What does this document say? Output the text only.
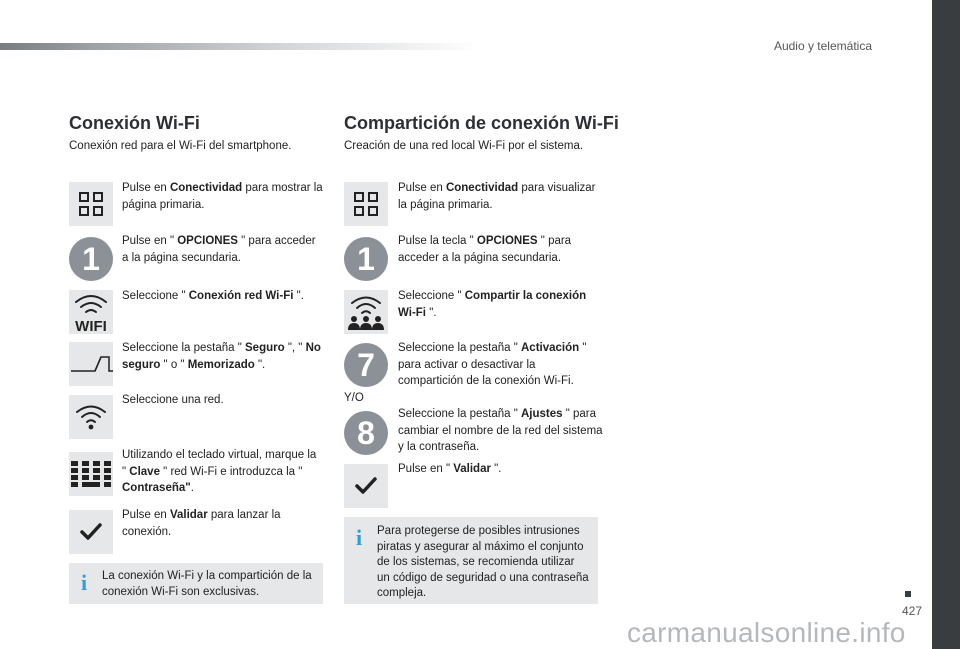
Audio y telemática
427
carmanualsonline.info
Conexión Wi-Fi
Conexión red para el Wi-Fi del smartphone.
Pulse en Conectividad para mostrar la página primaria.
1	Pulse en " OPCIONES " para acceder a la página secundaria.
WIFI
Seleccione " Conexión red Wi-Fi ".
Seleccione la pestaña " Seguro ", " No seguro " o " Memorizado ".
Seleccione una red.
Utilizando el teclado virtual, marque la " Clave " red Wi-Fi e introduzca la " Contraseña".
Pulse en Validar para lanzar la conexión.
i La conexión Wi-Fi y la compartición de la conexión Wi-Fi son exclusivas.
Compartición de conexión Wi-Fi
Creación de una red local Wi-Fi por el sistema.
Pulse en Conectividad para visualizar la página primaria.
1	Pulse la tecla " OPCIONES " para acceder a la página secundaria.
Seleccione " Compartir la conexión Wi-Fi ".
7	Seleccione la pestaña " Activación " para activar o desactivar la compartición de la conexión Wi-Fi.
Y/O
8
Seleccione la pestaña " Ajustes " para cambiar el nombre de la red del sistema y la contraseña.
Pulse en " Validar ".
i Para protegerse de posibles intrusiones piratas y asegurar al máximo el conjunto de los sistemas, se recomienda utilizar un código de seguridad o una contraseña compleja.
